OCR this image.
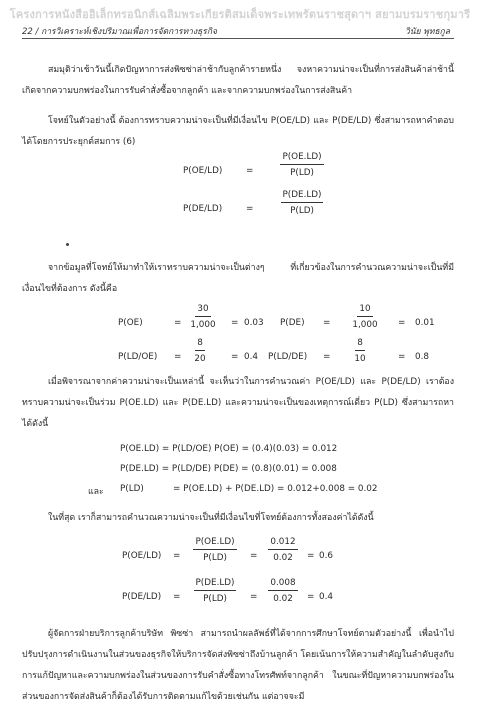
โครงการหนังสืออิเล็กทรอนิกส์เฉลิมพระเกียรติสมเด็จพระเทพรัตนราชสุดาฯ สยามบรมราชกุมารี
22 / การวิเคราะห์เชิงปริมาณเพื่อการจัดการทางธุรกิจ	วินัย พุทธกูล
สมมุติว่าเช้าวันนี้เกิดปัญหาการส่งพิซซ่าล่าช้ากับลูกค้ารายหนึ่ง จงหาความน่าจะเป็นที่การส่งสินค้าล่าช้านี้ เกิดจากความบกพร่องในการรับคำสั่งซื้อจากลูกค้า และจากความบกพร่องในการส่งสินค้า
โจทย์ในตัวอย่างนี้ ต้องการทราบความน่าจะเป็นที่มีเงื่อนไข P(OE/LD) และ P(DE/LD) ซึ่งสามารถหาคำตอบได้โดยการประยุกต์สมการ (6)
P(OE/LD)	= $\frac{P(OE.LD)}{P(LD)}$
P(DE/LD)	= $\frac{P(DE.LD)}{P(LD)}$
จากข้อมูลที่โจทย์ให้มาทำให้เราทราบความน่าจะเป็นต่างๆ ที่เกี่ยวข้องในการคำนวณความน่าจะเป็นที่มีเงื่อนไขที่ต้องการ ดังนี้คือ
P(OE)	= $\frac{30}{1,000} = 0.03$ $P(DE) = \frac{10}{1,000} = 0.01$
$P(LD/OE) = \frac{8}{20} = 0.4$ $P(LD/DE) = \frac{8}{10}$	= 0.8
เมื่อพิจารณาจากค่าความน่าจะเป็นเหล่านี้ จะเห็นว่าในการคำนวณค่า P(OE/LD) และ P(DE/LD) เราต้องทราบความน่าจะเป็นร่วม P(OE.LD) และ P(DE.LD) และความน่าจะเป็นของเหตุการณ์เดี่ยว P(LD) ซึ่งสามารถหาได้ดังนี้
P(OE.LD) = P(LD/OE) P(OE) = (0.4)(0.03) = 0.012
P(DE.LD) = P(LD/DE) P(DE) = (0.8)(0.01) = 0.008
และ P(LD)	= P(OE.LD) + P(DE.LD) = 0.012+0.008 = 0.02
ในที่สุด เราก็สามารถคำนวณความน่าจะเป็นที่มีเงื่อนไขที่โจทย์ต้องการทั้งสองค่าได้ดังนี้
$P(OE/LD) = \frac{P(OE.LD)}{P(LD)} = \frac{0.012}{0.02} = 0.6$
$P(DE/LD) = \frac{P(DE.LD)}{P(LD)} = \frac{0.008}{0.02} = 0.4$
ผู้จัดการฝ่ายบริการลูกค้าบริษัท พิซซ่า สามารถนำผลลัพธ์ที่ได้จากการศึกษาโจทย์ตามตัวอย่างนี้ เพื่อนำไปปรับปรุงการดำเนินงานในส่วนของธุรกิจให้บริการจัดส่งพิซซ่าถึงบ้านลูกค้า โดยเน้นการให้ความสำคัญในลำดับสูงกับการแก้ปัญหาและความบกพร่องในส่วนของการรับคำสั่งซื้อทางโทรศัพท์จากลูกค้า ในขณะที่ปัญหาความบกพร่องในส่วนของการจัดส่งสินค้าก็ต้องได้รับการติดตามแก้ไขด้วยเช่นกัน แต่อาจจะมี
